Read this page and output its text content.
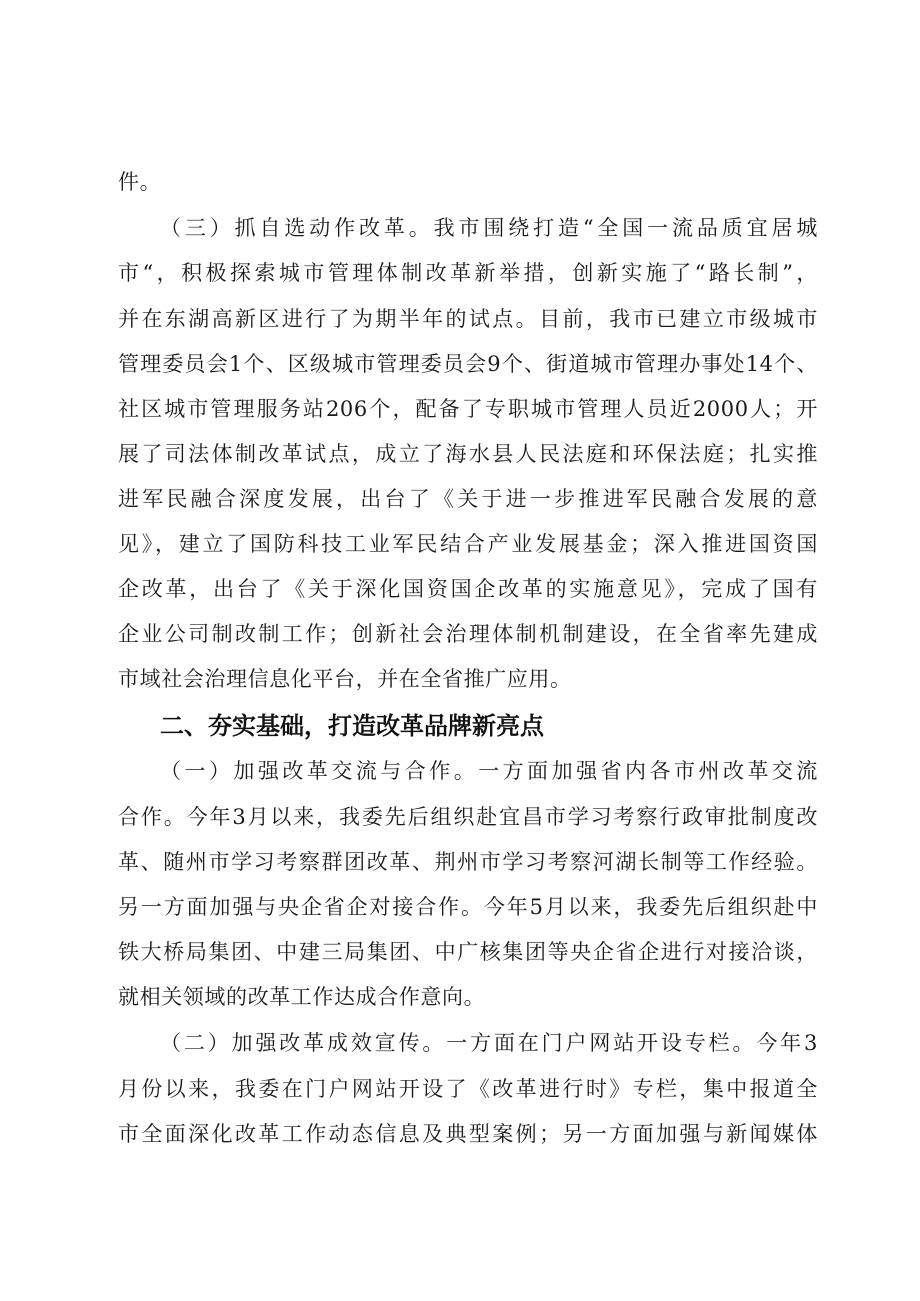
件。
（三）抓自选动作改革。我市围绕打造“全国一流品质宜居城
市“，积极探索城市管理体制改革新举措，创新实施了“路长制”，
并在东湖高新区进行了为期半年的试点。目前，我市已建立市级城市
管理委员会1个、区级城市管理委员会9个、街道城市管理办事处14个、
社区城市管理服务站206个，配备了专职城市管理人员近2000人；开
展了司法体制改革试点，成立了海水县人民法庭和环保法庭；扎实推
进军民融合深度发展，出台了《关于进一步推进军民融合发展的意
见》，建立了国防科技工业军民结合产业发展基金；深入推进国资国
企改革，出台了《关于深化国资国企改革的实施意见》，完成了国有
企业公司制改制工作；创新社会治理体制机制建设，在全省率先建成
市域社会治理信息化平台，并在全省推广应用。
二、夯实基础，打造改革品牌新亮点
（一）加强改革交流与合作。一方面加强省内各市州改革交流
合作。今年3月以来，我委先后组织赴宜昌市学习考察行政审批制度改
革、随州市学习考察群团改革、荆州市学习考察河湖长制等工作经验。
另一方面加强与央企省企对接合作。今年5月以来，我委先后组织赴中
铁大桥局集团、中建三局集团、中广核集团等央企省企进行对接洽谈，
就相关领域的改革工作达成合作意向。
（二）加强改革成效宣传。一方面在门户网站开设专栏。今年3
月份以来，我委在门户网站开设了《改革进行时》专栏，集中报道全
市全面深化改革工作动态信息及典型案例；另一方面加强与新闻媒体
